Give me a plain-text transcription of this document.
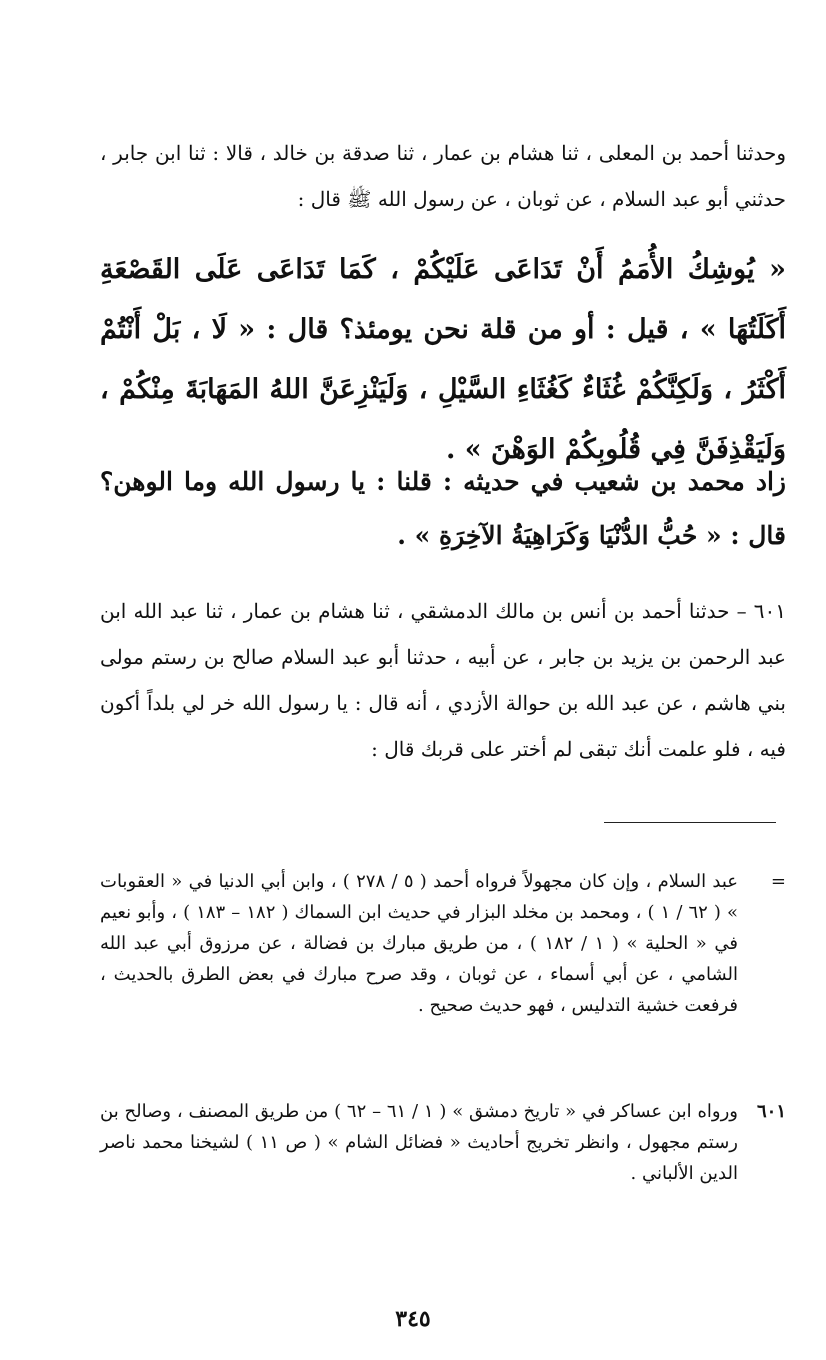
وحدثنا أحمد بن المعلى ، ثنا هشام بن عمار ، ثنا صدقة بن خالد ، قالا : ثنا ابن جابر ، حدثني أبو عبد السلام ، عن ثوبان ، عن رسول الله ﷺ قال :

« يُوشِكُ الأُمَمُ أَنْ تَدَاعَى عَلَيْكُمْ ، كَمَا تَدَاعَى عَلَى القَصْعَةِ أَكَلَتُهَا » ، قيل : أو من قلة نحن يومئذ؟ قال : « لَا ، بَلْ أَنْتُمْ أَكْثَرُ ، وَلَكِنَّكُمْ غُثَاءٌ كَغُثَاءِ السَّيْلِ ، وَلَيَنْزِعَنَّ اللهُ المَهَابَةَ مِنْكُمْ ، وَلَيَقْذِفَنَّ فِي قُلُوبِكُمْ الوَهْنَ » .

زاد محمد بن شعيب في حديثه : قلنا : يا رسول الله وما الوهن؟ قال : « حُبُّ الدُّنْيَا وَكَرَاهِيَةُ الآخِرَةِ » .

٦٠١ – حدثنا أحمد بن أنس بن مالك الدمشقي ، ثنا هشام بن عمار ، ثنا عبد الله ابن عبد الرحمن بن يزيد بن جابر ، عن أبيه ، حدثنا أبو عبد السلام صالح بن رستم مولى بني هاشم ، عن عبد الله بن حوالة الأزدي ، أنه قال : يا رسول الله خر لي بلداً أكون فيه ، فلو علمت أنك تبقى لم أختر على قربك قال :

=
عبد السلام ، وإن كان مجهولاً فرواه أحمد ( ٥ / ٢٧٨ ) ، وابن أبي الدنيا في « العقوبات » ( ٦٢ / ١ ) ، ومحمد بن مخلد البزار في حديث ابن السماك ( ١٨٢ – ١٨٣ ) ، وأبو نعيم في « الحلية » ( ١ / ١٨٢ ) ، من طريق مبارك بن فضالة ، عن مرزوق أبي عبد الله الشامي ، عن أبي أسماء ، عن ثوبان ، وقد صرح مبارك في بعض الطرق بالحديث ، فرفعت خشية التدليس ، فهو حديث صحيح .
٦٠١
ورواه ابن عساكر في « تاريخ دمشق » ( ١ / ٦١ – ٦٢ ) من طريق المصنف ، وصالح بن رستم مجهول ، وانظر تخريج أحاديث « فضائل الشام » ( ص ١١ ) لشيخنا محمد ناصر الدين الألباني .
٣٤٥
